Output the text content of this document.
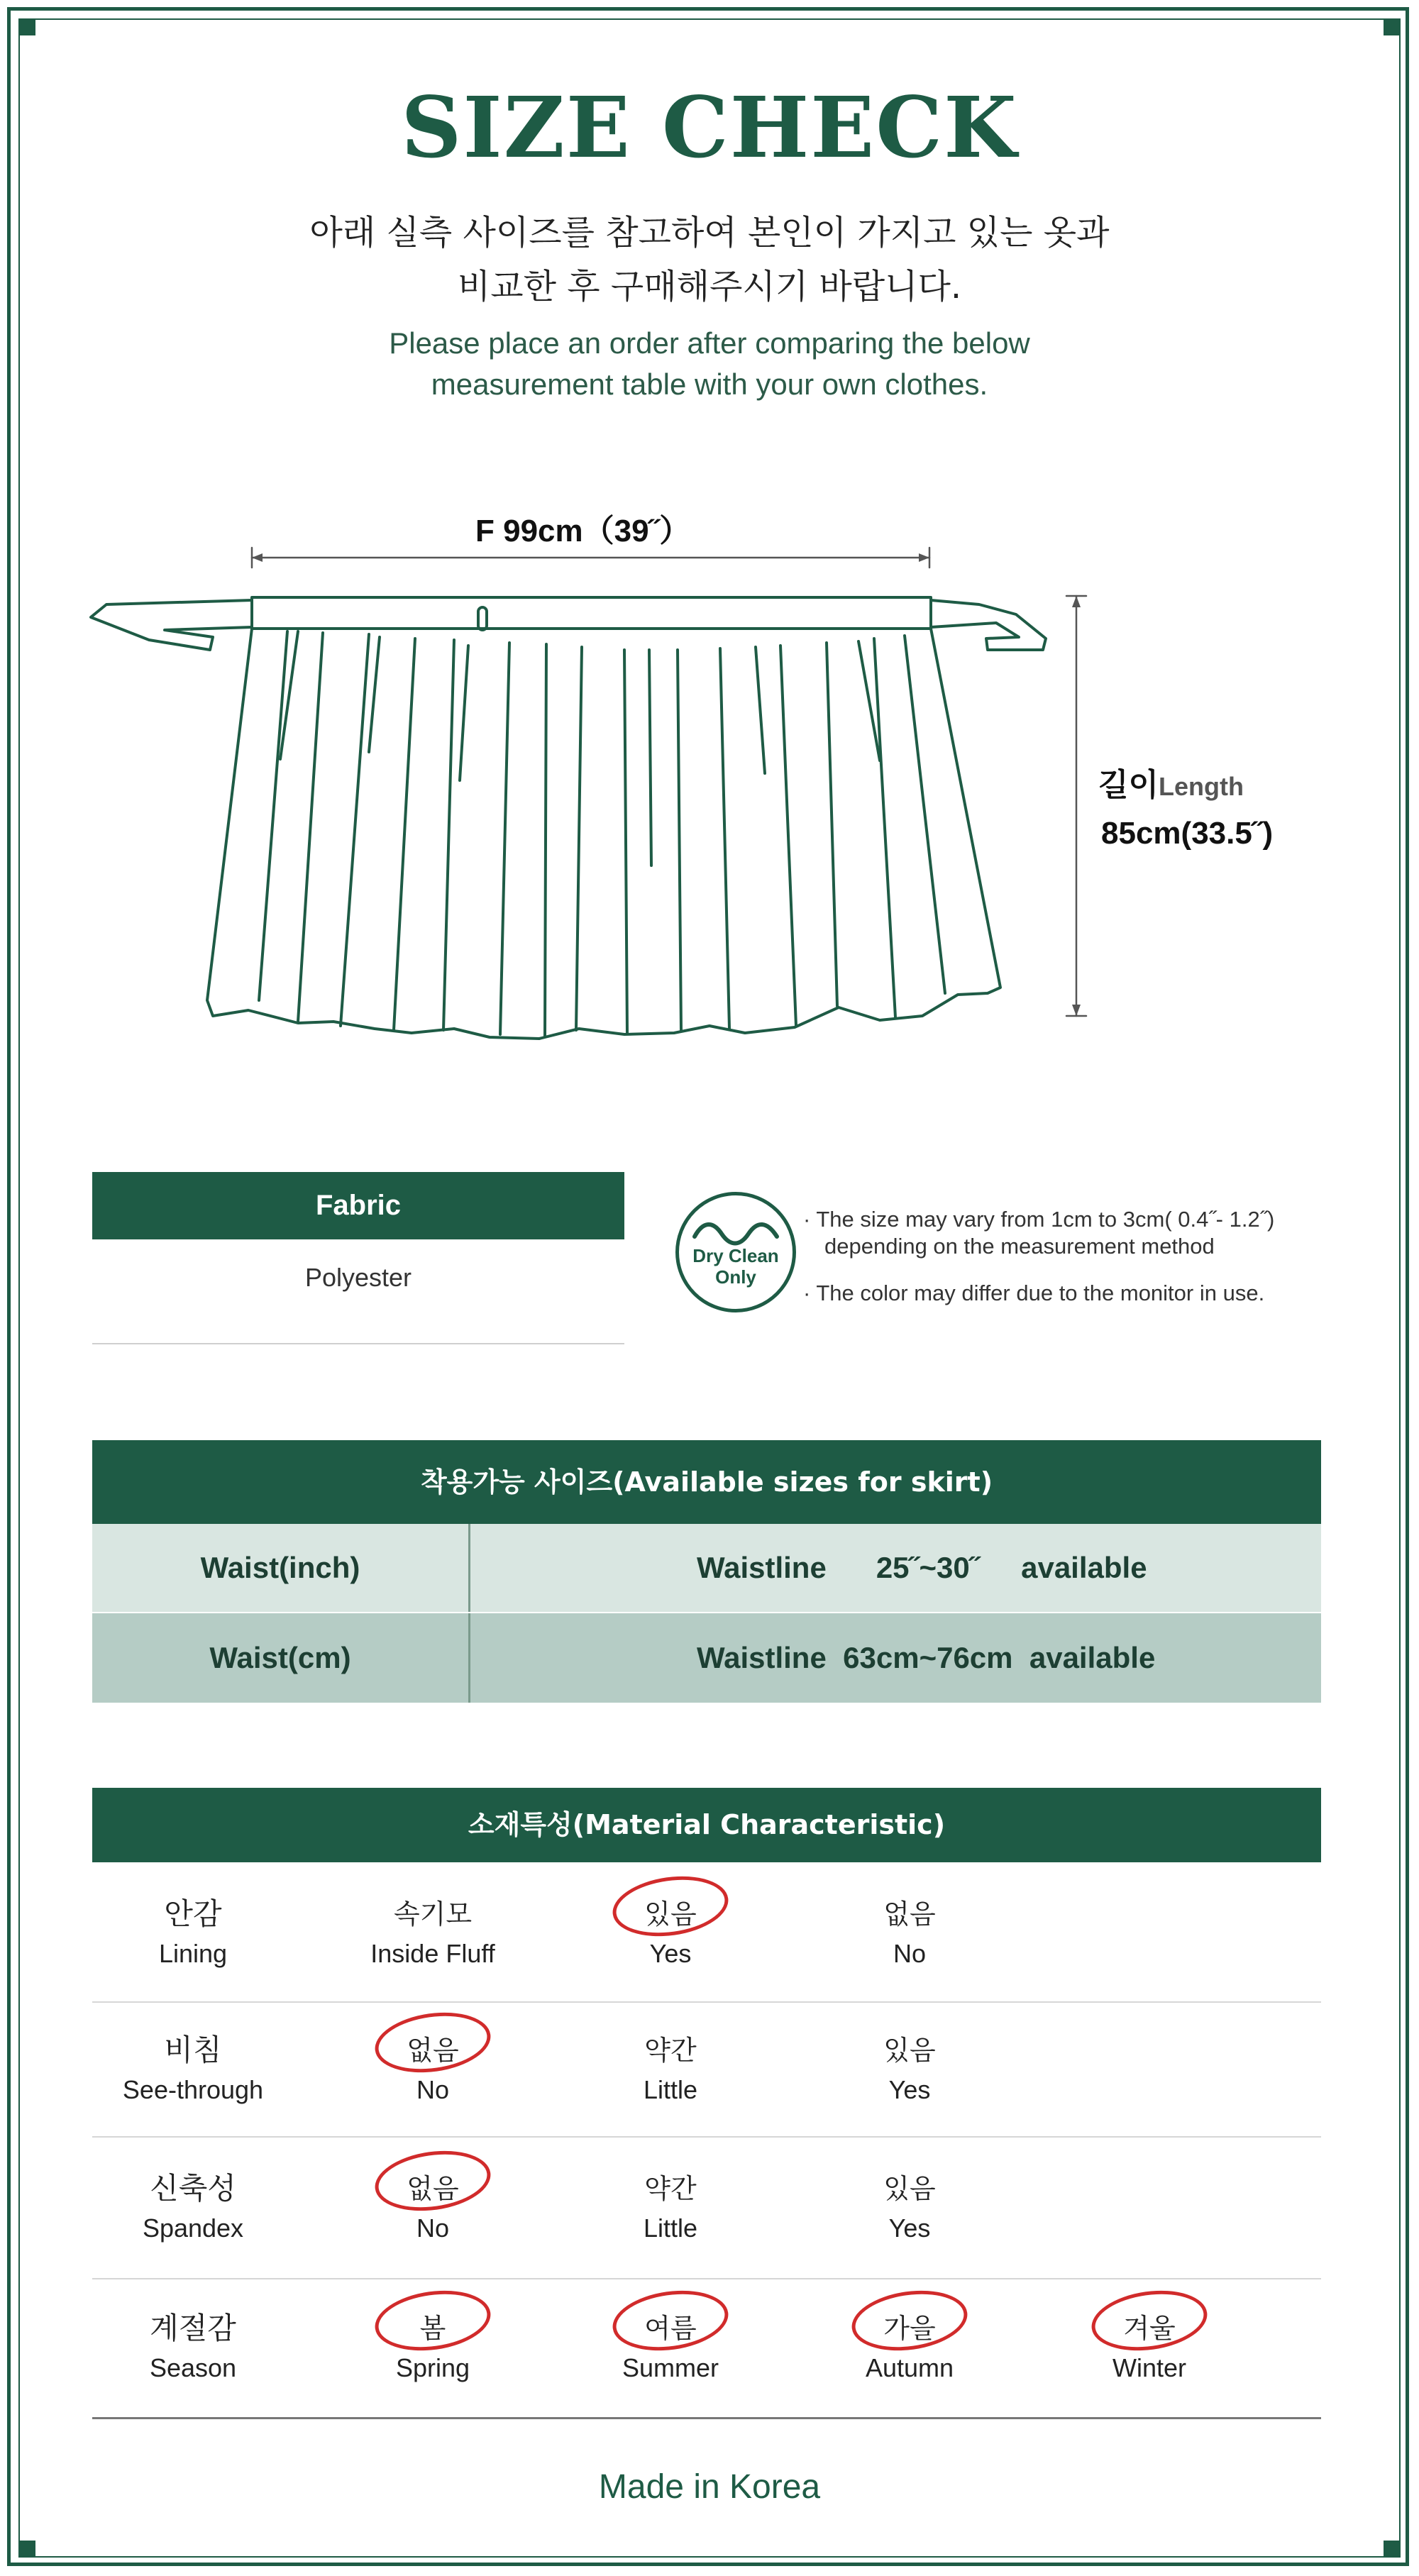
SIZE CHECK
아래 실측 사이즈를 참고하여 본인이 가지고 있는 옷과
비교한 후 구매해주시기 바랍니다.
Please place an order after comparing the below
measurement table with your own clothes.
F 99cm（39˝）
길이Length
85cm(33.5˝)
Fabric
Polyester
Dry Clean
Only
· The size may vary from 1cm to 3cm( 0.4˝- 1.2˝)
depending on the measurement method
· The color may differ due to the monitor in use.
착용가능 사이즈(Available sizes for skirt)
Waist(inch)	Waistline      25˝~30˝     available
Waist(cm)	Waistline  63cm~76cm  available
소재특성(Material Characteristic)
안감
Lining
속기모
Inside Fluff
있음
Yes
없음
No
비침
See-through
없음
No
약간
Little
있음
Yes
신축성
Spandex
없음
No
약간
Little
있음
Yes
계절감
Season
봄
Spring
여름
Summer
가을
Autumn
겨울
Winter
Made in Korea
